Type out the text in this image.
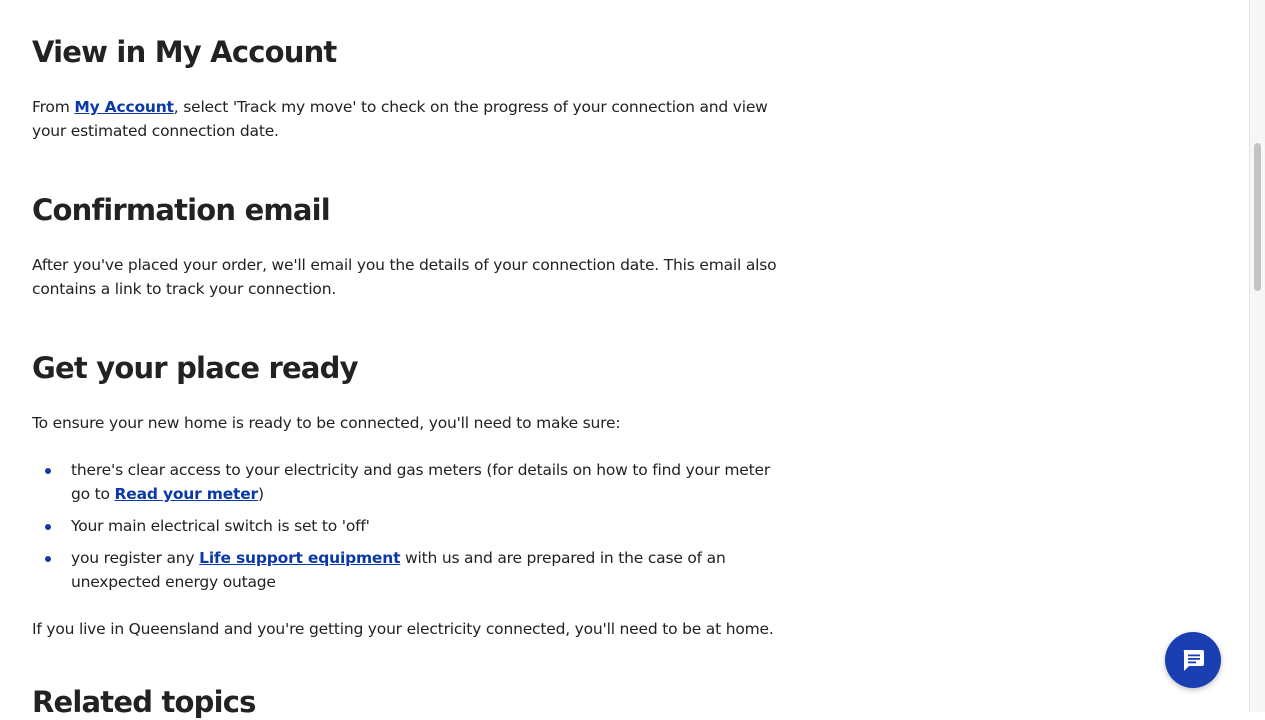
View in My Account

From My Account, select 'Track my move' to check on the progress of your connection and view your estimated connection date.

Confirmation email

After you've placed your order, we'll email you the details of your connection date. This email also contains a link to track your connection.

Get your place ready

To ensure your new home is ready to be connected, you'll need to make sure:

there's clear access to your electricity and gas meters (for details on how to find your meter go to Read your meter)
Your main electrical switch is set to 'off'
you register any Life support equipment with us and are prepared in the case of an unexpected energy outage

If you live in Queensland and you're getting your electricity connected, you'll need to be at home.

Related topics
